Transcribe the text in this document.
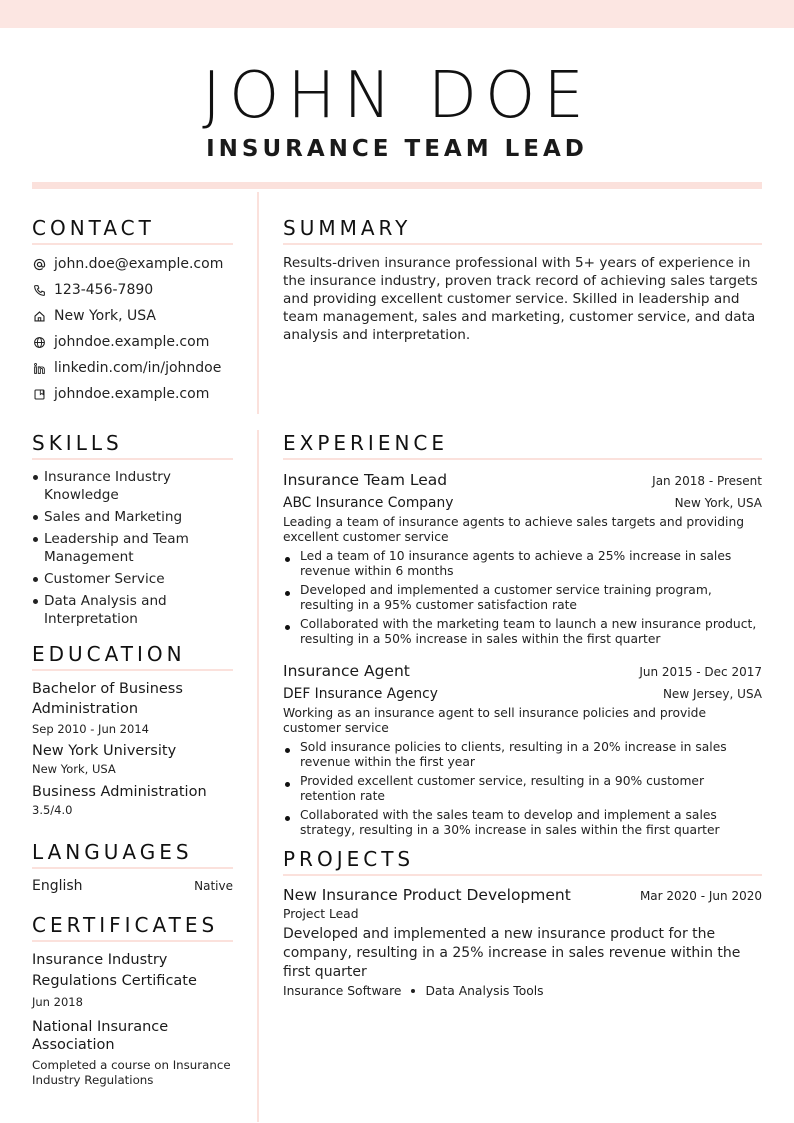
JOHN DOE
INSURANCE TEAM LEAD
CONTACT
john.doe@example.com
123-456-7890
New York, USA
johndoe.example.com
linkedin.com/in/johndoe
johndoe.example.com
SUMMARY

Results-driven insurance professional with 5+ years of experience in the insurance industry, proven track record of achieving sales targets and providing excellent customer service. Skilled in leadership and team management, sales and marketing, customer service, and data analysis and interpretation.

SKILLS
Insurance Industry Knowledge
Sales and Marketing
Leadership and Team Management
Customer Service
Data Analysis and Interpretation
EDUCATION
Bachelor of Business Administration
Sep 2010 - Jun 2014
New York University
New York, USA
Business Administration
3.5/4.0
LANGUAGES
English	Native
CERTIFICATES
Insurance Industry Regulations Certificate
Jun 2018
National Insurance Association
Completed a course on Insurance Industry Regulations
EXPERIENCE
Insurance Team Lead	Jan 2018 - Present
ABC Insurance Company	New York, USA
Leading a team of insurance agents to achieve sales targets and providing excellent customer service
Led a team of 10 insurance agents to achieve a 25% increase in sales revenue within 6 months
Developed and implemented a customer service training program, resulting in a 95% customer satisfaction rate
Collaborated with the marketing team to launch a new insurance product, resulting in a 50% increase in sales within the first quarter
Insurance Agent	Jun 2015 - Dec 2017
DEF Insurance Agency	New Jersey, USA
Working as an insurance agent to sell insurance policies and provide customer service
Sold insurance policies to clients, resulting in a 20% increase in sales revenue within the first year
Provided excellent customer service, resulting in a 90% customer retention rate
Collaborated with the sales team to develop and implement a sales strategy, resulting in a 30% increase in sales within the first quarter
PROJECTS
New Insurance Product Development	Mar 2020 - Jun 2020
Project Lead
Developed and implemented a new insurance product for the company, resulting in a 25% increase in sales revenue within the first quarter
Insurance Software Data Analysis Tools
